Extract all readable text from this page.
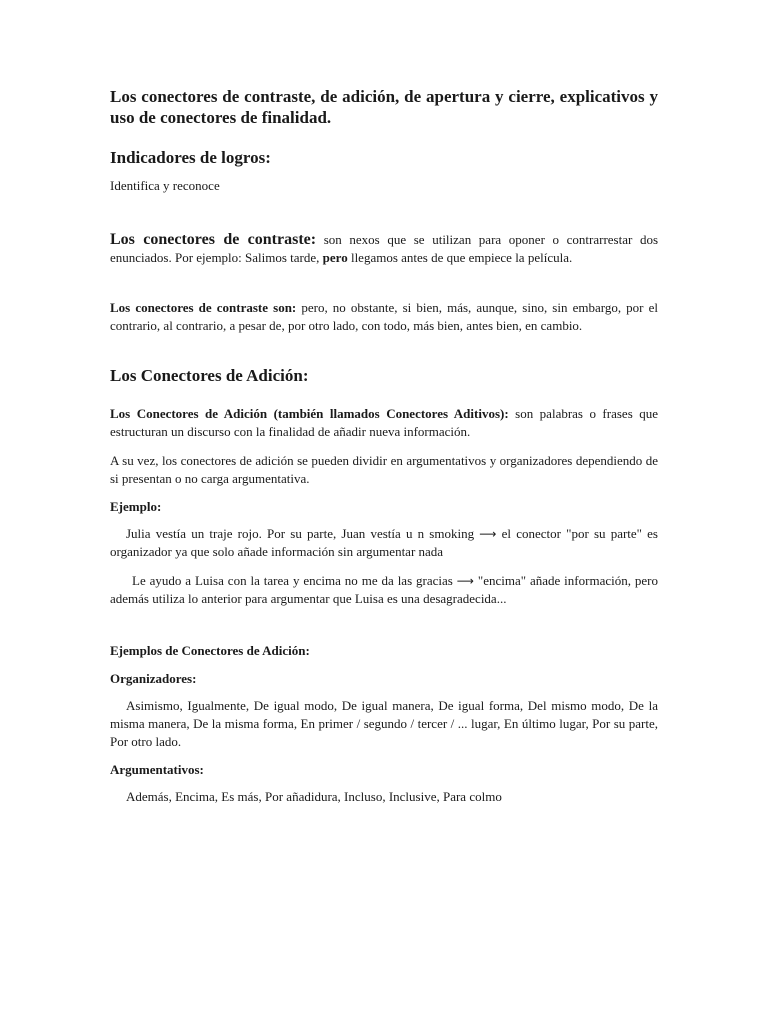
Los conectores de contraste, de adición, de apertura y cierre, explicativos y uso de conectores de finalidad.

Indicadores de logros:

Identifica y reconoce

Los conectores de contraste: son nexos que se utilizan para oponer o contrarrestar dos enunciados. Por ejemplo: Salimos tarde, pero llegamos antes de que empiece la película.

Los conectores de contraste son: pero, no obstante, si bien, más, aunque, sino, sin embargo, por el contrario, al contrario, a pesar de, por otro lado, con todo, más bien, antes bien, en cambio.

Los Conectores de Adición:

Los Conectores de Adición (también llamados Conectores Aditivos): son palabras o frases que estructuran un discurso con la finalidad de añadir nueva información.

A su vez, los conectores de adición se pueden dividir en argumentativos y organizadores dependiendo de si presentan o no carga argumentativa.

Ejemplo:

Julia vestía un traje rojo. Por su parte, Juan vestía u n smoking ⟶ el conector "por su parte" es organizador ya que solo añade información sin argumentar nada

Le ayudo a Luisa con la tarea y encima no me da las gracias ⟶ "encima" añade información, pero además utiliza lo anterior para argumentar que Luisa es una desagradecida...

Ejemplos de Conectores de Adición:

Organizadores:

Asimismo, Igualmente, De igual modo, De igual manera, De igual forma, Del mismo modo, De la misma manera, De la misma forma, En primer / segundo / tercer / ... lugar, En último lugar, Por su parte, Por otro lado.

Argumentativos:

Además, Encima, Es más, Por añadidura, Incluso, Inclusive, Para colmo
